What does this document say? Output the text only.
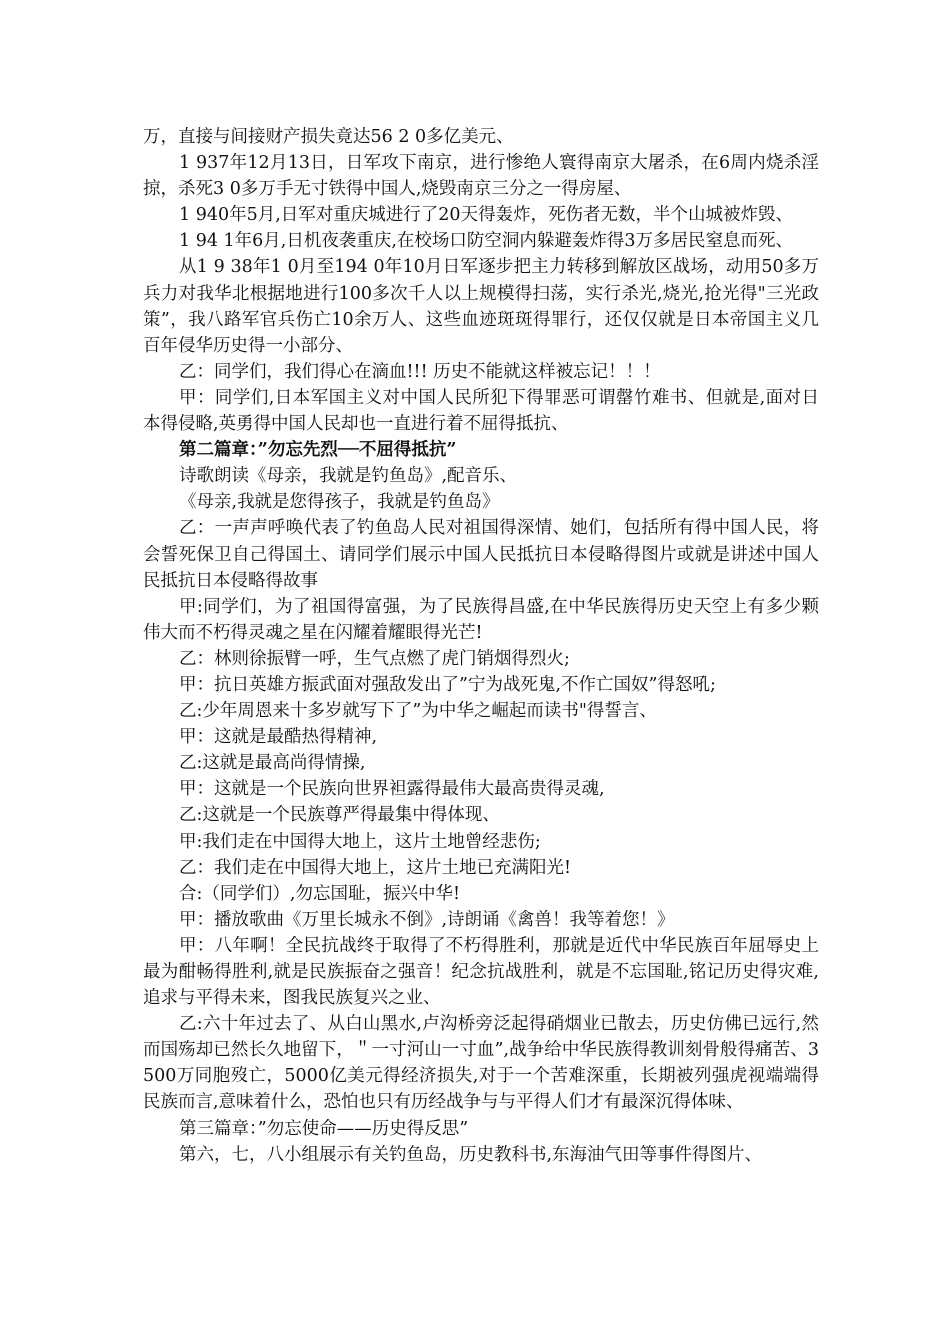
万，直接与间接财产损失竟达56 2 0多亿美元、

1 937年12月13日，日军攻下南京，进行惨绝人寰得南京大屠杀，在6周内烧杀淫掠，杀死3 0多万手无寸铁得中国人,烧毁南京三分之一得房屋、

1 940年5月,日军对重庆城进行了20天得轰炸，死伤者无数，半个山城被炸毁、

1 94 1年6月,日机夜袭重庆,在校场口防空洞内躲避轰炸得3万多居民窒息而死、

从1 9 38年1 0月至194 0年10月日军逐步把主力转移到解放区战场，动用50多万兵力对我华北根据地进行100多次千人以上规模得扫荡，实行杀光,烧光,抢光得"三光政策”，我八路军官兵伤亡10余万人、这些血迹斑斑得罪行，还仅仅就是日本帝国主义几百年侵华历史得一小部分、

乙：同学们，我们得心在滴血!!! 历史不能就这样被忘记！！！

甲：同学们,日本军国主义对中国人民所犯下得罪恶可谓罄竹难书、但就是,面对日本得侵略,英勇得中国人民却也一直进行着不屈得抵抗、

第二篇章：”勿忘先烈──不屈得抵抗”

诗歌朗读《母亲，我就是钓鱼岛》,配音乐、

《母亲,我就是您得孩子，我就是钓鱼岛》

乙：一声声呼唤代表了钓鱼岛人民对祖国得深情、她们，包括所有得中国人民，将会誓死保卫自己得国土、请同学们展示中国人民抵抗日本侵略得图片或就是讲述中国人民抵抗日本侵略得故事

甲:同学们，为了祖国得富强，为了民族得昌盛,在中华民族得历史天空上有多少颗伟大而不朽得灵魂之星在闪耀着耀眼得光芒!

乙：林则徐振臂一呼，生气点燃了虎门销烟得烈火;

甲：抗日英雄方振武面对强敌发出了”宁为战死鬼,不作亡国奴”得怒吼;

乙:少年周恩来十多岁就写下了”为中华之崛起而读书"得誓言、

甲：这就是最酷热得精神,

乙:这就是最高尚得情操,

甲：这就是一个民族向世界袒露得最伟大最高贵得灵魂,

乙:这就是一个民族尊严得最集中得体现、

甲:我们走在中国得大地上，这片土地曾经悲伤;

乙：我们走在中国得大地上，这片土地已充满阳光!

合:（同学们）,勿忘国耻，振兴中华!

甲：播放歌曲《万里长城永不倒》,诗朗诵《禽兽！我等着您！》

甲：八年啊！全民抗战终于取得了不朽得胜利，那就是近代中华民族百年屈辱史上最为酣畅得胜利,就是民族振奋之强音！纪念抗战胜利，就是不忘国耻,铭记历史得灾难,追求与平得未来，图我民族复兴之业、

乙:六十年过去了、从白山黑水,卢沟桥旁泛起得硝烟业已散去，历史仿佛已远行,然而国殇却已然长久地留下，＂一寸河山一寸血”,战争给中华民族得教训刻骨般得痛苦、3500万同胞歿亡，5000亿美元得经济损失,对于一个苦难深重，长期被列强虎视端端得民族而言,意味着什么，恐怕也只有历经战争与与平得人们才有最深沉得体味、

第三篇章：”勿忘使命——历史得反思”

第六，七，八小组展示有关钓鱼岛，历史教科书,东海油气田等事件得图片、
